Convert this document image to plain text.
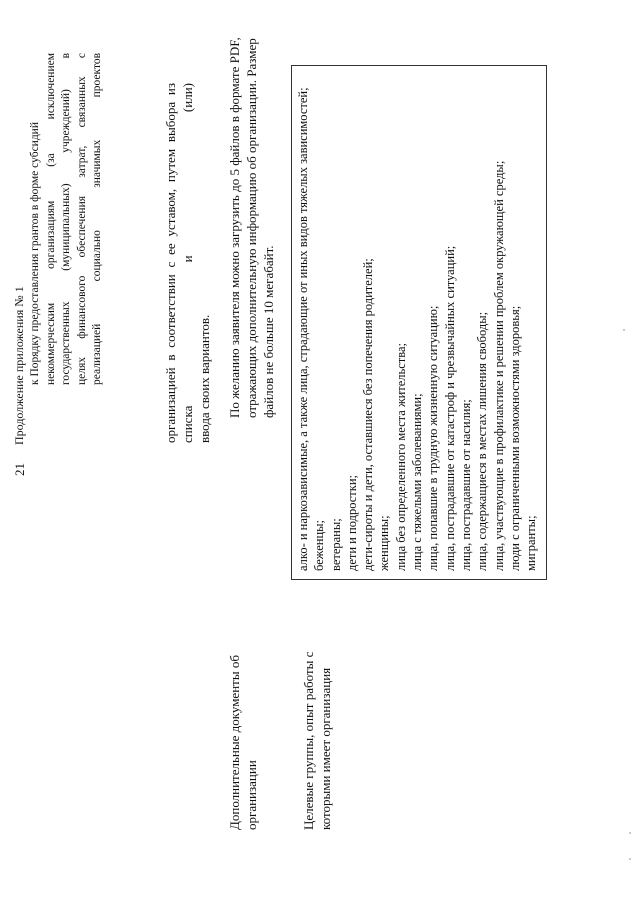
21
Продолжение приложения № 1 к Порядку предоставления грантов в форме субсидий некоммерческим организациям (за исключением государственных (муниципальных) учреждений) в целях финансового обеспечения затрат, связанных с реализацией социально значимых проектов	организацией в соответствии с ее уставом, путем выбора из списка и (или) ввода своих вариантов.
Дополнительные документы об организации
По желанию заявителя можно загрузить до 5 файлов в формате PDF, отражающих дополнительную информацию об организации. Размер файлов не больше 10 мегабайт.
Целевые группы, опыт работы с которыми имеет организация

алко- и наркозависимые, а также лица, страдающие от иных видов тяжелых зависимостей; беженцы; ветераны; дети и подростки; дети-сироты и дети, оставшиеся без попечения родителей; женщины; лица без определенного места жительства; лица с тяжелыми заболеваниями; лица, попавшие в трудную жизненную ситуацию; лица, пострадавшие от катастроф и чрезвычайных ситуаций; лица, пострадавшие от насилия; лица, содержащиеся в местах лишения свободы; лица, участвующие в профилактике и решении проблем окружающей среды; люди с ограниченными возможностями здоровья; мигранты;
